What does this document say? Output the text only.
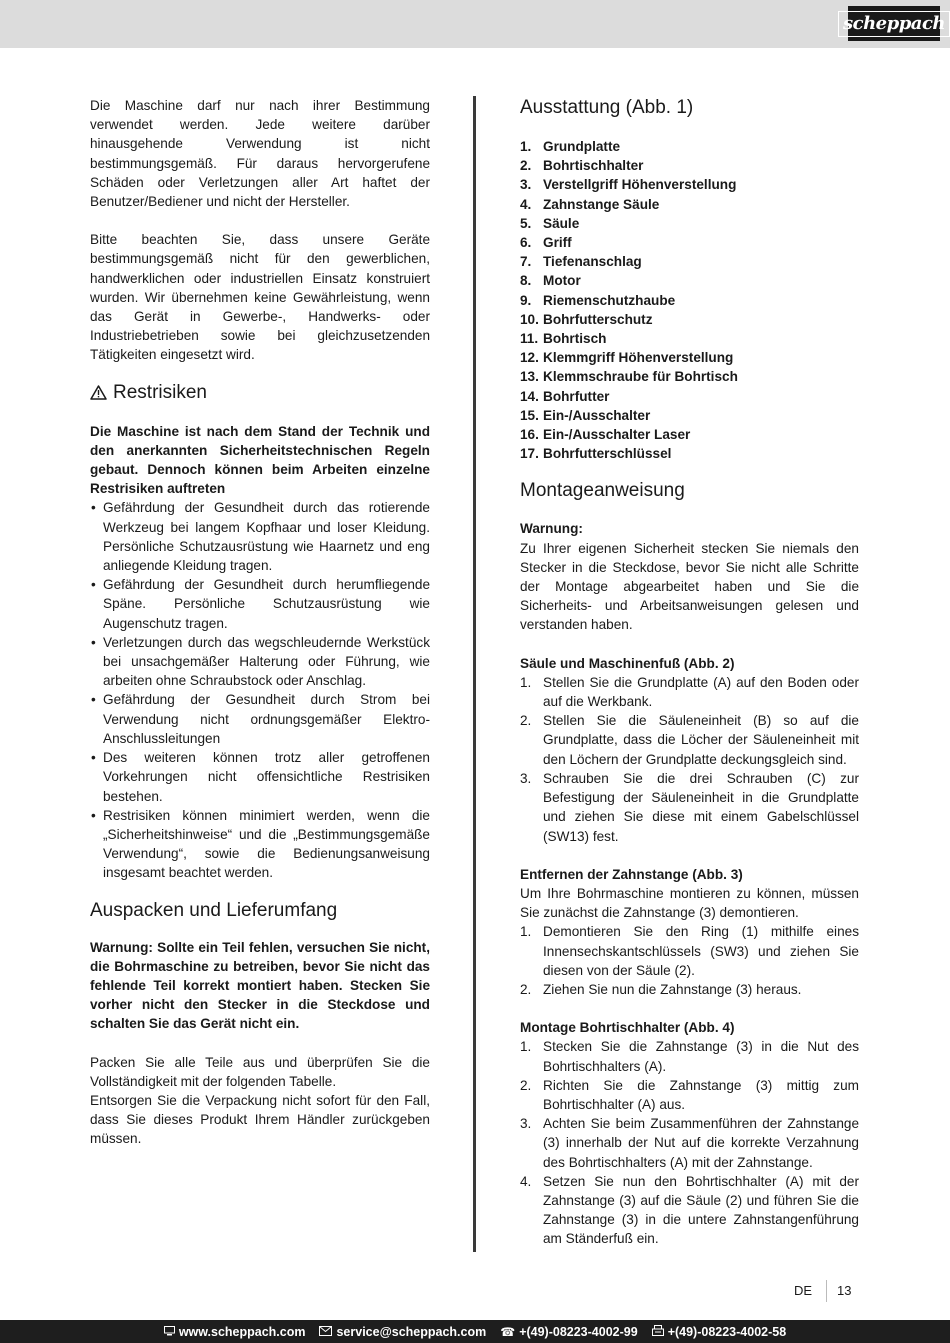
scheppach

Die Maschine darf nur nach ihrer Bestimmung verwendet werden. Jede weitere darüber hinausgehende Verwendung ist nicht bestimmungsgemäß. Für daraus hervorgerufene Schäden oder Verletzungen aller Art haftet der Benutzer/Bediener und nicht der Hersteller.

Bitte beachten Sie, dass unsere Geräte bestimmungsgemäß nicht für den gewerblichen, handwerklichen oder industriellen Einsatz konstruiert wurden. Wir übernehmen keine Gewährleistung, wenn das Gerät in Gewerbe-, Handwerks- oder Industriebetrieben sowie bei gleichzusetzenden Tätigkeiten eingesetzt wird.

Restrisiken

Die Maschine ist nach dem Stand der Technik und den anerkannten Sicherheitstechnischen Regeln gebaut. Dennoch können beim Arbeiten einzelne Restrisiken auftreten

• Gefährdung der Gesundheit durch das rotierende Werkzeug bei langem Kopfhaar und loser Kleidung. Persönliche Schutzausrüstung wie Haarnetz und eng anliegende Kleidung tragen.
• Gefährdung der Gesundheit durch herumfliegende Späne. Persönliche Schutzausrüstung wie Augenschutz tragen.
• Verletzungen durch das wegschleudernde Werkstück bei unsachgemäßer Halterung oder Führung, wie arbeiten ohne Schraubstock oder Anschlag.
• Gefährdung der Gesundheit durch Strom bei Verwendung nicht ordnungsgemäßer Elektro-Anschlussleitungen
• Des weiteren können trotz aller getroffenen Vorkehrungen nicht offensichtliche Restrisiken bestehen.
• Restrisiken können minimiert werden, wenn die „Sicherheitshinweise“ und die „Bestimmungsgemäße Verwendung“, sowie die Bedienungsanweisung insgesamt beachtet werden.
Auspacken und Lieferumfang

Warnung: Sollte ein Teil fehlen, versuchen Sie nicht, die Bohrmaschine zu betreiben, bevor Sie nicht das fehlende Teil korrekt montiert haben. Stecken Sie vorher nicht den Stecker in die Steckdose und schalten Sie das Gerät nicht ein.

Packen Sie alle Teile aus und überprüfen Sie die Vollständigkeit mit der folgenden Tabelle.

Entsorgen Sie die Verpackung nicht sofort für den Fall, dass Sie dieses Produkt Ihrem Händler zurückgeben müssen.

Ausstattung (Abb. 1)
1. Grundplatte
2. Bohrtischhalter
3. Verstellgriff Höhenverstellung
4. Zahnstange Säule
5. Säule
6. Griff
7. Tiefenanschlag
8. Motor
9. Riemenschutzhaube
10. Bohrfutterschutz
11. Bohrtisch
12. Klemmgriff Höhenverstellung
13. Klemmschraube für Bohrtisch
14. Bohrfutter
15. Ein-/Ausschalter
16. Ein-/Ausschalter Laser
17. Bohrfutterschlüssel
Montageanweisung

Warnung:

Zu Ihrer eigenen Sicherheit stecken Sie niemals den Stecker in die Steckdose, bevor Sie nicht alle Schritte der Montage abgearbeitet haben und Sie die Sicherheits- und Arbeitsanweisungen gelesen und verstanden haben.

Säule und Maschinenfuß (Abb. 2)

1. Stellen Sie die Grundplatte (A) auf den Boden oder auf die Werkbank.
2. Stellen Sie die Säuleneinheit (B) so auf die Grundplatte, dass die Löcher der Säuleneinheit mit den Löchern der Grundplatte deckungsgleich sind.
3. Schrauben Sie die drei Schrauben (C) zur Befestigung der Säuleneinheit in die Grundplatte und ziehen Sie diese mit einem Gabelschlüssel (SW13) fest.

Entfernen der Zahnstange (Abb. 3)

Um Ihre Bohrmaschine montieren zu können, müssen Sie zunächst die Zahnstange (3) demontieren.

1. Demontieren Sie den Ring (1) mithilfe eines Innensechskantschlüssels (SW3) und ziehen Sie diesen von der Säule (2).
2. Ziehen Sie nun die Zahnstange (3) heraus.

Montage Bohrtischhalter (Abb. 4)

1. Stecken Sie die Zahnstange (3) in die Nut des Bohrtischhalters (A).
2. Richten Sie die Zahnstange (3) mittig zum Bohrtischhalter (A) aus.
3. Achten Sie beim Zusammenführen der Zahnstange (3) innerhalb der Nut auf die korrekte Verzahnung des Bohrtischhalters (A) mit der Zahnstange.
4. Setzen Sie nun den Bohrtischhalter (A) mit der Zahnstange (3) auf die Säule (2) und führen Sie die Zahnstange (3) in die untere Zahnstangenführung am Ständerfuß ein.
DE 13
www.scheppach.com service@scheppach.com ☎ +(49)-08223-4002-99 +(49)-08223-4002-58
